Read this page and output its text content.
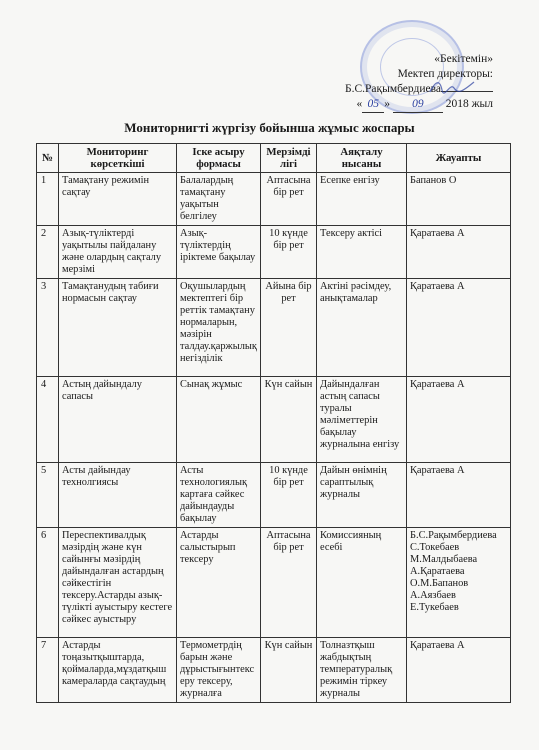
«Бекітемін»
Мектеп директоры:
Б.С.Рақымбердиева
« 05 » 09 2018 жыл
Мониторнигті жүргізу бойынша жұмыс жоспары
№	Мониторинг көрсеткіші	Іске асыру формасы	Мерзімділігі	Аяқталу нысаны	Жауапты
1	Тамақтану режимін сақтау	Балалардың тамақтану уақытын белгілеу	Аптасына бір рет	Есепке енгізу	Бапанов О
2	Азық-түліктерді уақытылы пайдалану және олардың сақталу мерзімі	Азық-түліктердің іріктеме бақылау	10 күнде бір рет	Тексеру актісі	Қаратаева А
3	Тамақтанудың табиғи нормасын сақтау	Оқушылардың мектептегі бір реттік тамақтану нормаларын, мәзірін талдау.қаржылық негізділік	Айына бір рет	Актіні рәсімдеу, анықтамалар	Қаратаева А
4	Астың дайындалу сапасы	Сынақ жұмыс	Күн сайын	Дайындалған астың сапасы туралы мәліметтерін бақылау журналына енгізу	Қаратаева А
5	Асты дайындау технолгиясы	Асты технологиялық картаға сәйкес дайындауды бақылау	10 күнде бір рет	Дайын өнімнің сараптылық журналы	Қаратаева А
6	Переспективалдық мәзірдің және күн сайынғы мәзірдің дайындалған астардың сәйкестігін тексеру.Астарды азық-түлікті ауыстыру кестеге сәйкес ауыстыру	Астарды салыстырып тексеру	Аптасына бір рет	Комиссияның есебі	Б.С.Рақымбердиева С.Токебаев М.Малдыбаева А.Қаратаева О.М.Бапанов А.Аязбаев Е.Тукебаев
7	Астарды тоңазытқыштарда, қоймаларда,мұздатқыш камераларда сақтаудың	Термометрдің барын және дұрыстығынтексеру тексеру, журналға	Күн сайын	Толназтқыш жабдықтың температуралық режимін тіркеу журналы	Қаратаева А
